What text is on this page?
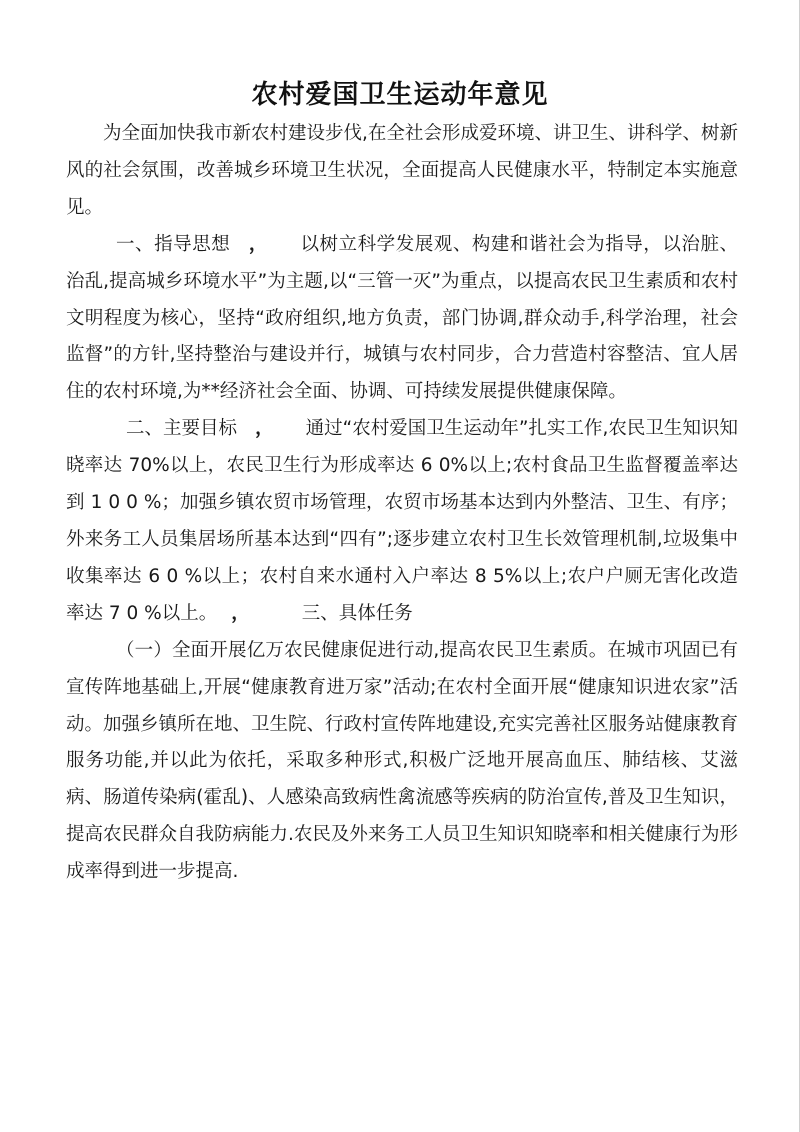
农村爱国卫生运动年意见

为全面加快我市新农村建设步伐,在全社会形成爱环境、讲卫生、讲科学、树新风的社会氛围，改善城乡环境卫生状况，全面提高人民健康水平，特制定本实施意见。

一、指导思想 ， 以树立科学发展观、构建和谐社会为指导，以治脏、治乱,提高城乡环境水平”为主题,以“三管一灭”为重点，以提高农民卫生素质和农村文明程度为核心，坚持“政府组织,地方负责，部门协调,群众动手,科学治理，社会监督”的方针,坚持整治与建设并行，城镇与农村同步，合力营造村容整洁、宜人居住的农村环境,为**经济社会全面、协调、可持续发展提供健康保障。

二、主要目标 ， 通过“农村爱国卫生运动年”扎实工作,农民卫生知识知晓率达 70%以上，农民卫生行为形成率达 6 0%以上;农村食品卫生监督覆盖率达到 1 0 0 %；加强乡镇农贸市场管理，农贸市场基本达到内外整洁、卫生、有序；外来务工人员集居场所基本达到“四有”;逐步建立农村卫生长效管理机制,垃圾集中收集率达 6 0 %以上；农村自来水通村入户率达 8 5%以上;农户户厕无害化改造率达 7 0 %以上。 ，	三、具体任务

（一）全面开展亿万农民健康促进行动,提高农民卫生素质。在城市巩固已有宣传阵地基础上,开展“健康教育进万家”活动;在农村全面开展“健康知识进农家”活动。加强乡镇所在地、卫生院、行政村宣传阵地建设,充实完善社区服务站健康教育服务功能,并以此为依托，采取多种形式,积极广泛地开展高血压、肺结核、艾滋病、肠道传染病(霍乱)、人感染高致病性禽流感等疾病的防治宣传,普及卫生知识，提高农民群众自我防病能力.农民及外来务工人员卫生知识知晓率和相关健康行为形成率得到进一步提高.
